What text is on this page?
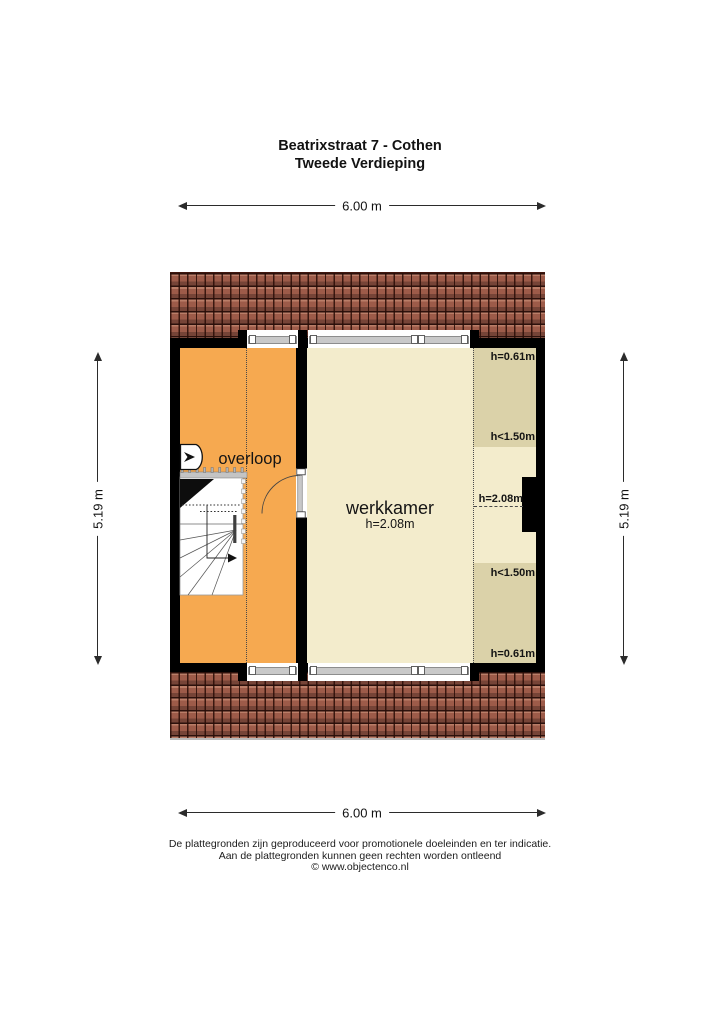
Beatrixstraat 7 - Cothen
Tweede Verdieping
6.00 m
6.00 m
5.19 m	5.19 m
overloop
werkkamer
h=2.08m
h=0.61m
h<1.50m
h=2.08m
h<1.50m
h=0.61m
De plattegronden zijn geproduceerd voor promotionele doeleinden en ter indicatie.
Aan de plattegronden kunnen geen rechten worden ontleend
© www.objectenco.nl
